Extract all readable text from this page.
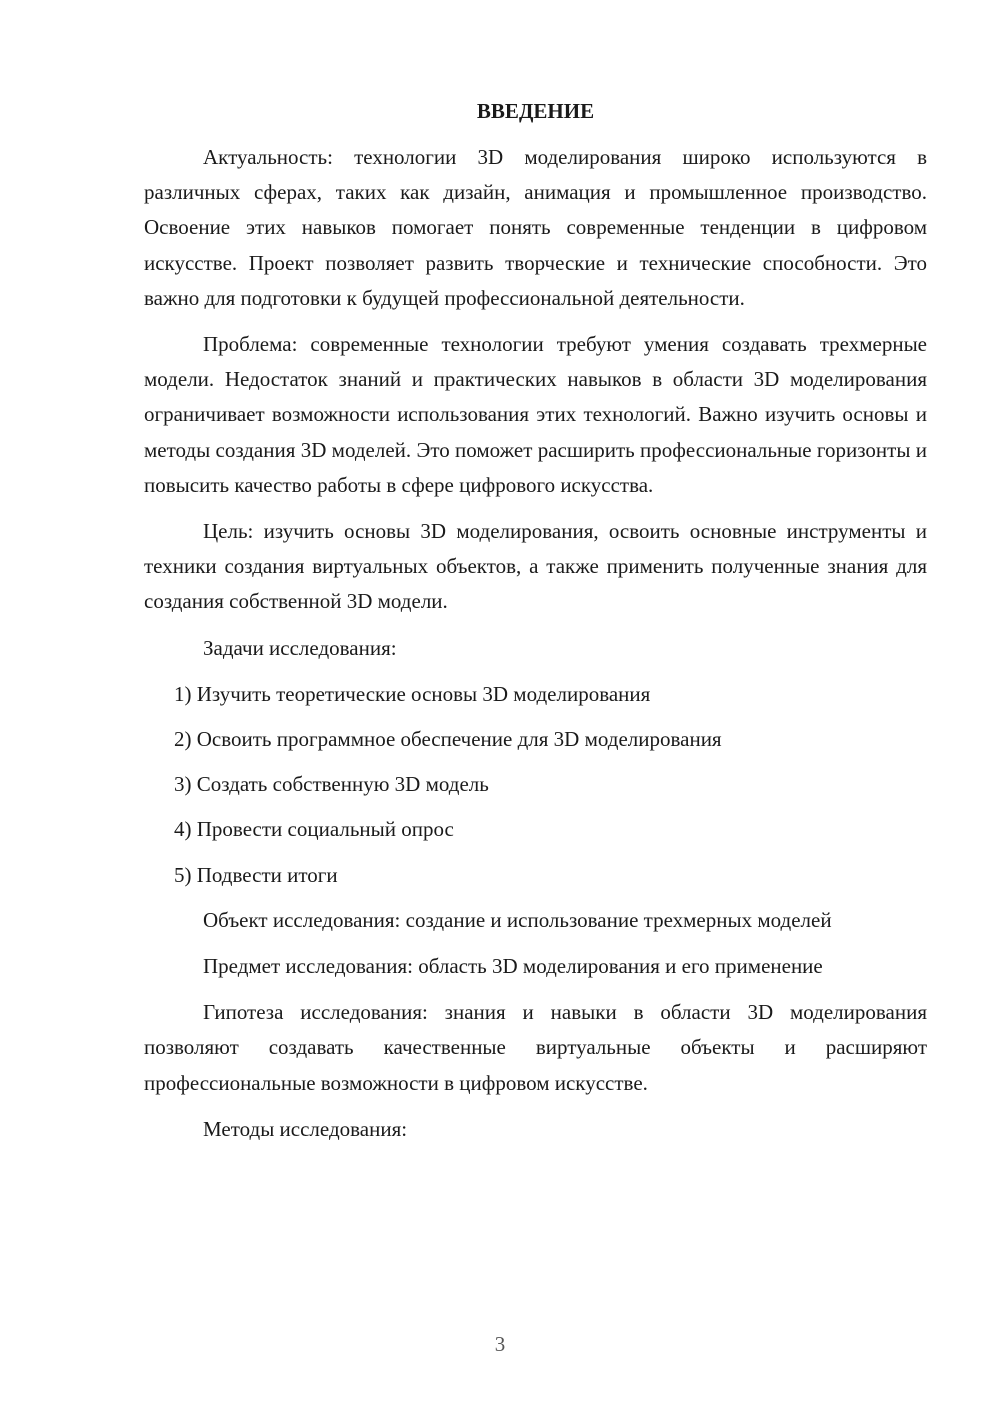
ВВЕДЕНИЕ

Актуальность: технологии 3D моделирования широко используются в различных сферах, таких как дизайн, анимация и промышленное производство. Освоение этих навыков помогает понять современные тенденции в цифровом искусстве. Проект позволяет развить творческие и технические способности. Это важно для подготовки к будущей профессиональной деятельности.

Проблема: современные технологии требуют умения создавать трехмерные модели. Недостаток знаний и практических навыков в области 3D моделирования ограничивает возможности использования этих технологий. Важно изучить основы и методы создания 3D моделей. Это поможет расширить профессиональные горизонты и повысить качество работы в сфере цифрового искусства.

Цель: изучить основы 3D моделирования, освоить основные инструменты и техники создания виртуальных объектов, а также применить полученные знания для создания собственной 3D модели.

Задачи исследования:

1) Изучить теоретические основы 3D моделирования
2) Освоить программное обеспечение для 3D моделирования
3) Создать собственную 3D модель
4) Провести социальный опрос
5) Подвести итоги

Объект исследования: создание и использование трехмерных моделей

Предмет исследования: область 3D моделирования и его применение

Гипотеза исследования: знания и навыки в области 3D моделирования позволяют создавать качественные виртуальные объекты и расширяют профессиональные возможности в цифровом искусстве.

Методы исследования:

3
